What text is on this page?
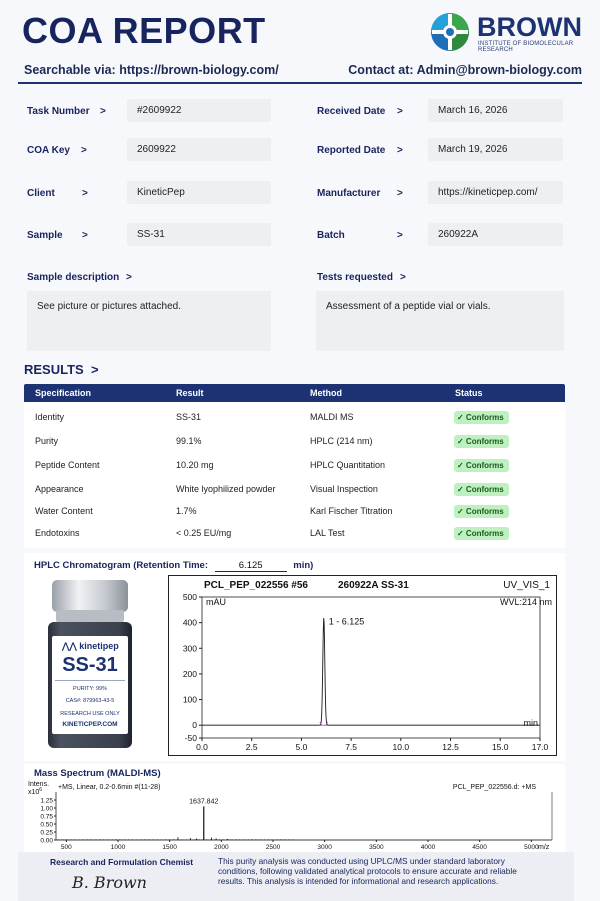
COA REPORT	BROWN
INSTITUTE OF BIOMOLECULAR RESEARCH
Searchable via: https://brown-biology.com/	Contact at: Admin@brown-biology.com
Task Number >	#2609922
COA Key >	2609922
Client	>	KineticPep
Sample >	SS-31
Received Date >	March 16, 2026
Reported Date >	March 19, 2026
Manufacturer >	https://kineticpep.com/
Batch	>	260922A
Sample description >
See picture or pictures attached.
Tests requested >
Assessment of a peptide vial or vials.
RESULTS >
Specification	Result	Method	Status
Identity	SS-31	MALDI MS	✓ Conforms
Purity	99.1%	HPLC (214 nm)	✓ Conforms
Peptide Content	10.20 mg	HPLC Quantitation	✓ Conforms
Appearance	White lyophilized powder	Visual Inspection	✓ Conforms
Water Content	1.7%	Karl Fischer Titration	✓ Conforms
Endotoxins	< 0.25 EU/mg	LAL Test	✓ Conforms
HPLC Chromatogram (Retention Time:	6.125	min)
⋀⋀ kinetipep
SS-31
PURITY: 99%
CAS#: 879963-43-5
RESEARCH USE ONLY
KINETICPEP.COM
PCL_PEP_022556 #56	260922A SS-31	UV_VIS_1
mAU	WVL:214 nm
min
-50
0
100
200
300
400
500
0.0	2.5	5.0	7.5	10.0	12.5	15.0	17.0
1 - 6.125
Mass Spectrum (MALDI-MS)
Intens.
$x10^6 +MS$, Linear, 0.2-0.6min #(11-28)	PCL_PEP_022556.d: +MS
m/z
0.00
0.25
0.50
0.75
1.00
1.25
500	1000	1500	2000	2500	3000	3500	4000	4500	5000
1637.842
Research and Formulation Chemist
B. Brown
This purity analysis was conducted using UPLC/MS under standard laboratory conditions, following validated analytical protocols to ensure accurate and reliable results. This analysis is intended for informational and research applications.
